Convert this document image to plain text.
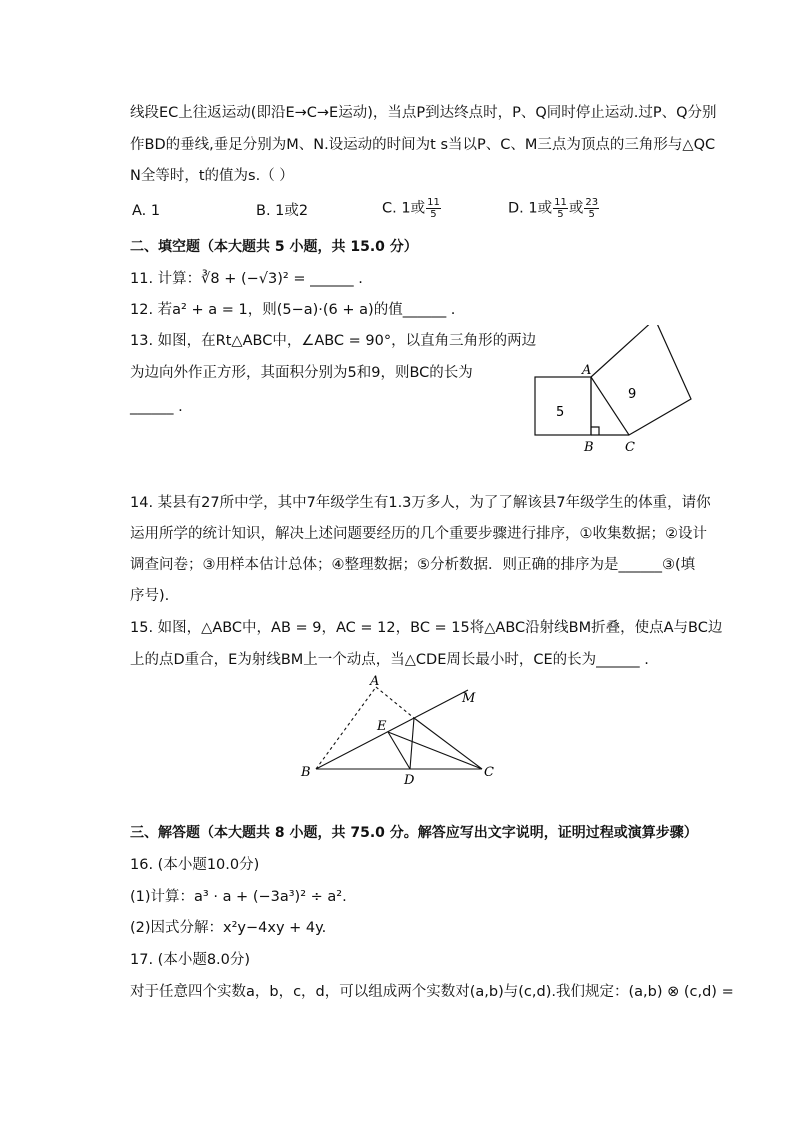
线段EC上往返运动(即沿E→C→E运动)，当点P到达终点时，P、Q同时停止运动.过P、Q分别
作BD的垂线,垂足分别为M、N.设运动的时间为t s当以P、C、M三点为顶点的三角形与△QC
N全等时，t的值为s.（ ）
A. 1	B. 1或2	C. 1或 $\frac{11}{5}$	D. 1或 $\frac{11}{5}$ 或 $\frac{23}{5}$
二、填空题（本大题共 5 小题，共 15.0 分）
11. 计算：∛8 + (−√3)² = ______ .
12. 若a² + a = 1，则(5−a)·(6 + a)的值______ .
13. 如图，在Rt△ABC中，∠ABC = 90°，以直角三角形的两边
为边向外作正方形，其面积分别为5和9，则BC的长为
______ .	5
9
A
B C
14. 某县有27所中学，其中7年级学生有1.3万多人，为了了解该县7年级学生的体重，请你
运用所学的统计知识，解决上述问题要经历的几个重要步骤进行排序，①收集数据；②设计
调查问卷；③用样本估计总体；④整理数据；⑤分析数据．则正确的排序为是______③(填
序号).
15. 如图，△ABC中，AB = 9，AC = 12，BC = 15将△ABC沿射线BM折叠，使点A与BC边
上的点D重合，E为射线BM上一个动点，当△CDE周长最小时，CE的长为______ .
A
M
E
B
D
C
三、解答题（本大题共 8 小题，共 75.0 分。解答应写出文字说明，证明过程或演算步骤）
16. (本小题10.0分)
(1)计算：a³ · a + (−3a³)² ÷ a².
(2)因式分解：x²y−4xy + 4y.
17. (本小题8.0分)
对于任意四个实数a，b，c，d，可以组成两个实数对(a,b)与(c,d).我们规定：(a,b) ⊗ (c,d) =
